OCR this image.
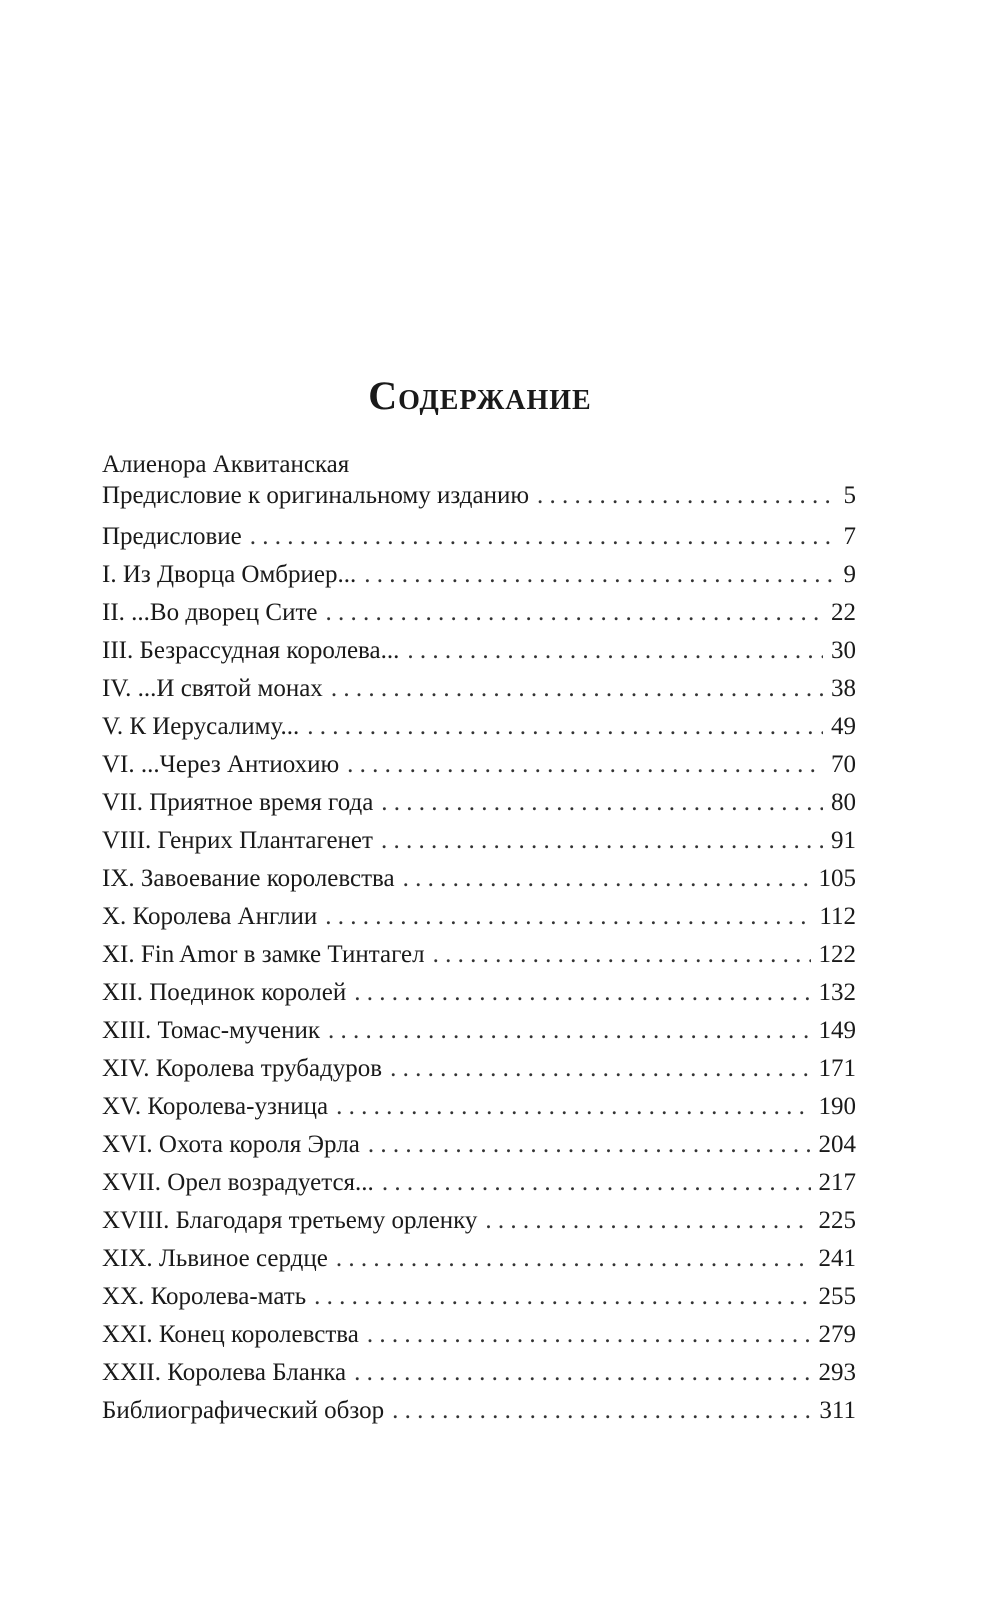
Содержание
Алиенора Аквитанская
Предисловие к оригинальному изданию . . .	5
Предисловие . . .	7
I. Из Дворца Омбриер... . . .	9
II. ...Во дворец Сите . . .	22
III. Безрассудная королева... . . .	30
IV. ...И святой монах . . .	38
V. К Иерусалиму... . . .	49
VI. ...Через Антиохию . . .	70
VII. Приятное время года . . .	80
VIII. Генрих Плантагенет . . .	91
IX. Завоевание королевства . . .	105
X. Королева Англии . . .	112
XI. Fin Amor в замке Тинтагел . . .	122
XII. Поединок королей . . .	132
XIII. Томас-мученик . . .	149
XIV. Королева трубадуров . . .	171
XV. Королева-узница . . .	190
XVI. Охота короля Эрла . . .	204
XVII. Орел возрадуется... . . .	217
XVIII. Благодаря третьему орленку . . .	225
XIX. Львиное сердце . . .	241
XX. Королева-мать . . .	255
XXI. Конец королевства . . .	279
XXII. Королева Бланка . . .	293
Библиографический обзор . . .	311
